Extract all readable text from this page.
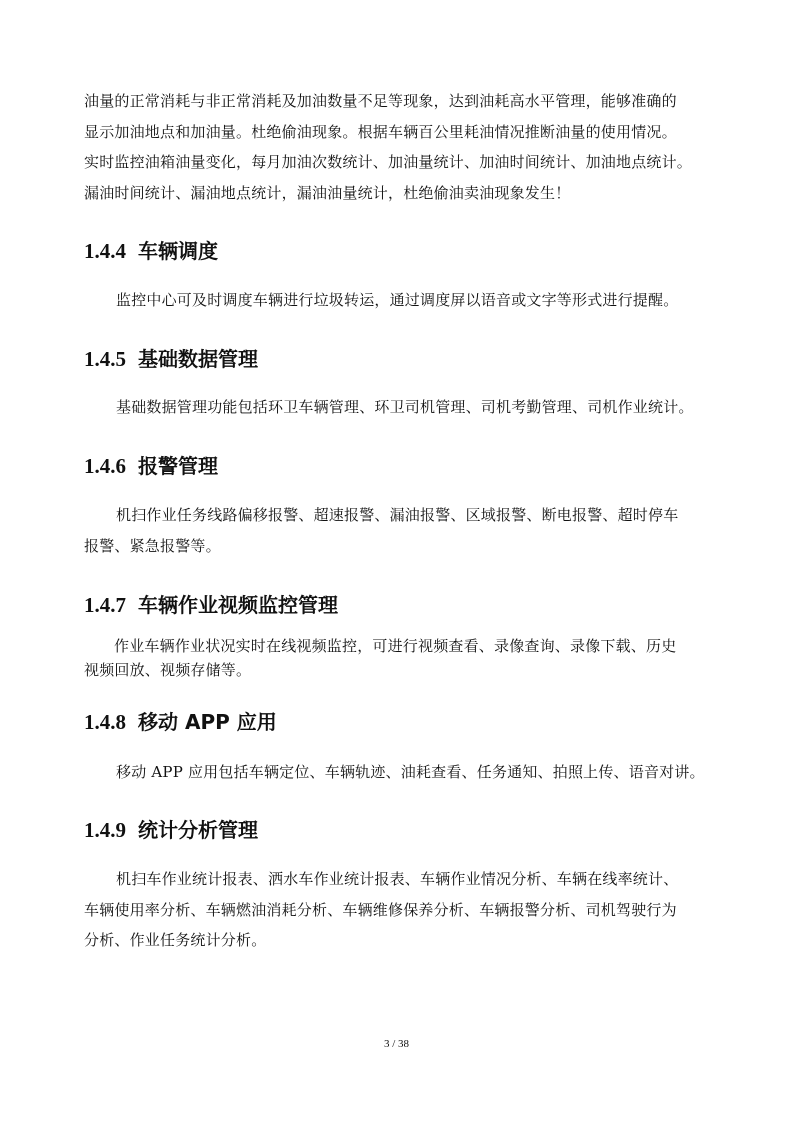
油量的正常消耗与非正常消耗及加油数量不足等现象，达到油耗高水平管理，能够准确的
显示加油地点和加油量。杜绝偷油现象。根据车辆百公里耗油情况推断油量的使用情况。
实时监控油箱油量变化，每月加油次数统计、加油量统计、加油时间统计、加油地点统计。
漏油时间统计、漏油地点统计，漏油油量统计，杜绝偷油卖油现象发生！
1.4.4 车辆调度
监控中心可及时调度车辆进行垃圾转运，通过调度屏以语音或文字等形式进行提醒。
1.4.5 基础数据管理
基础数据管理功能包括环卫车辆管理、环卫司机管理、司机考勤管理、司机作业统计。
1.4.6 报警管理
机扫作业任务线路偏移报警、超速报警、漏油报警、区域报警、断电报警、超时停车
报警、紧急报警等。
1.4.7 车辆作业视频监控管理
作业车辆作业状况实时在线视频监控，可进行视频查看、录像查询、录像下载、历史
视频回放、视频存储等。
1.4.8 移动 APP 应用
移动 APP 应用包括车辆定位、车辆轨迹、油耗查看、任务通知、拍照上传、语音对讲。
1.4.9 统计分析管理
机扫车作业统计报表、洒水车作业统计报表、车辆作业情况分析、车辆在线率统计、
车辆使用率分析、车辆燃油消耗分析、车辆维修保养分析、车辆报警分析、司机驾驶行为
分析、作业任务统计分析。
3 / 38
